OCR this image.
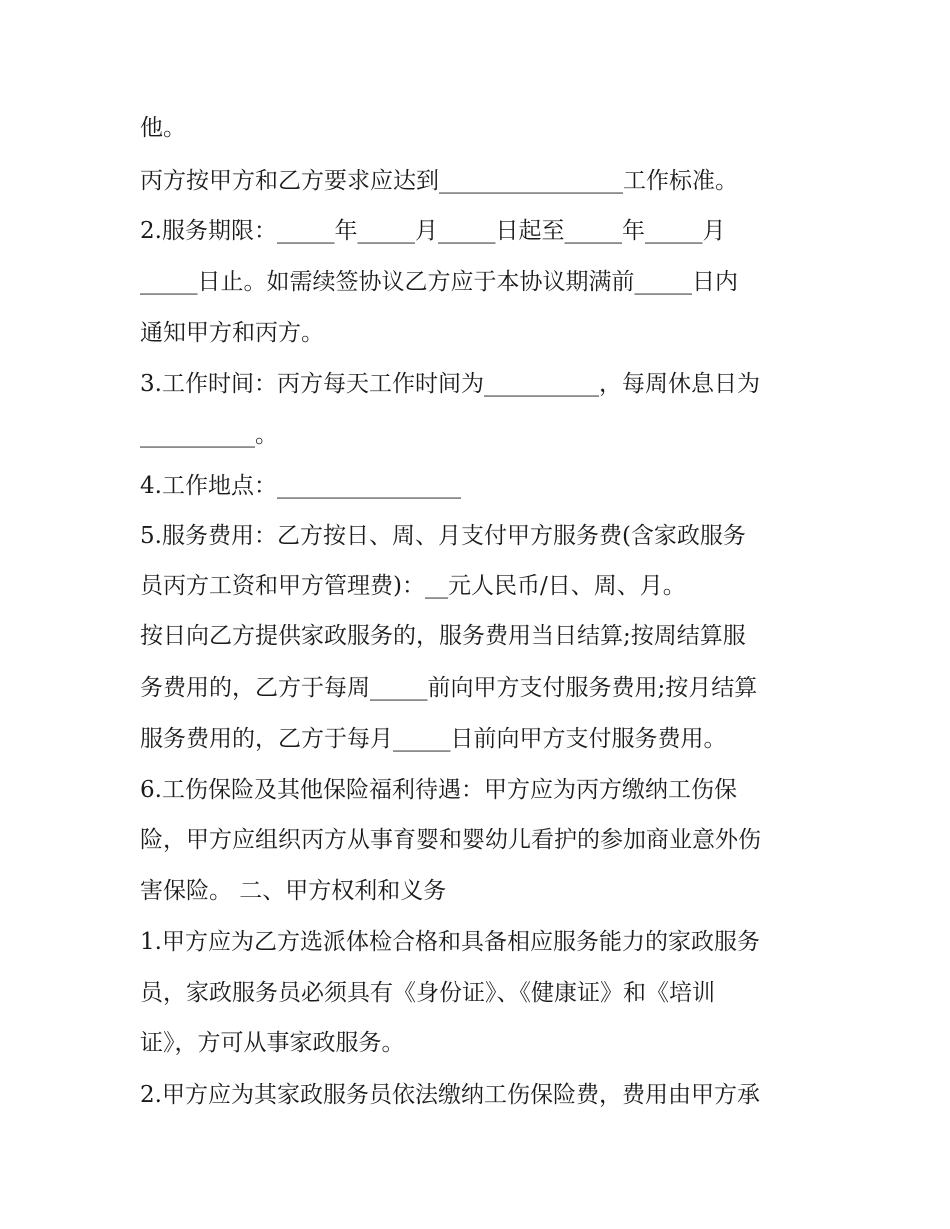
他。
丙方按甲方和乙方要求应达到________________工作标准。
2.服务期限：_____年_____月_____日起至_____年_____月
_____日止。如需续签协议乙方应于本协议期满前_____日内
通知甲方和丙方。
3.工作时间：丙方每天工作时间为__________，每周休息日为
__________。
4.工作地点：________________
5.服务费用：乙方按日、周、月支付甲方服务费(含家政服务
员丙方工资和甲方管理费)：__元人民币/日、周、月。
按日向乙方提供家政服务的，服务费用当日结算;按周结算服
务费用的，乙方于每周_____前向甲方支付服务费用;按月结算
服务费用的，乙方于每月_____日前向甲方支付服务费用。
6.工伤保险及其他保险福利待遇：甲方应为丙方缴纳工伤保
险，甲方应组织丙方从事育婴和婴幼儿看护的参加商业意外伤
害保险。 二、甲方权利和义务
1.甲方应为乙方选派体检合格和具备相应服务能力的家政服务
员，家政服务员必须具有《身份证》、《健康证》和《培训
证》，方可从事家政服务。
2.甲方应为其家政服务员依法缴纳工伤保险费，费用由甲方承
